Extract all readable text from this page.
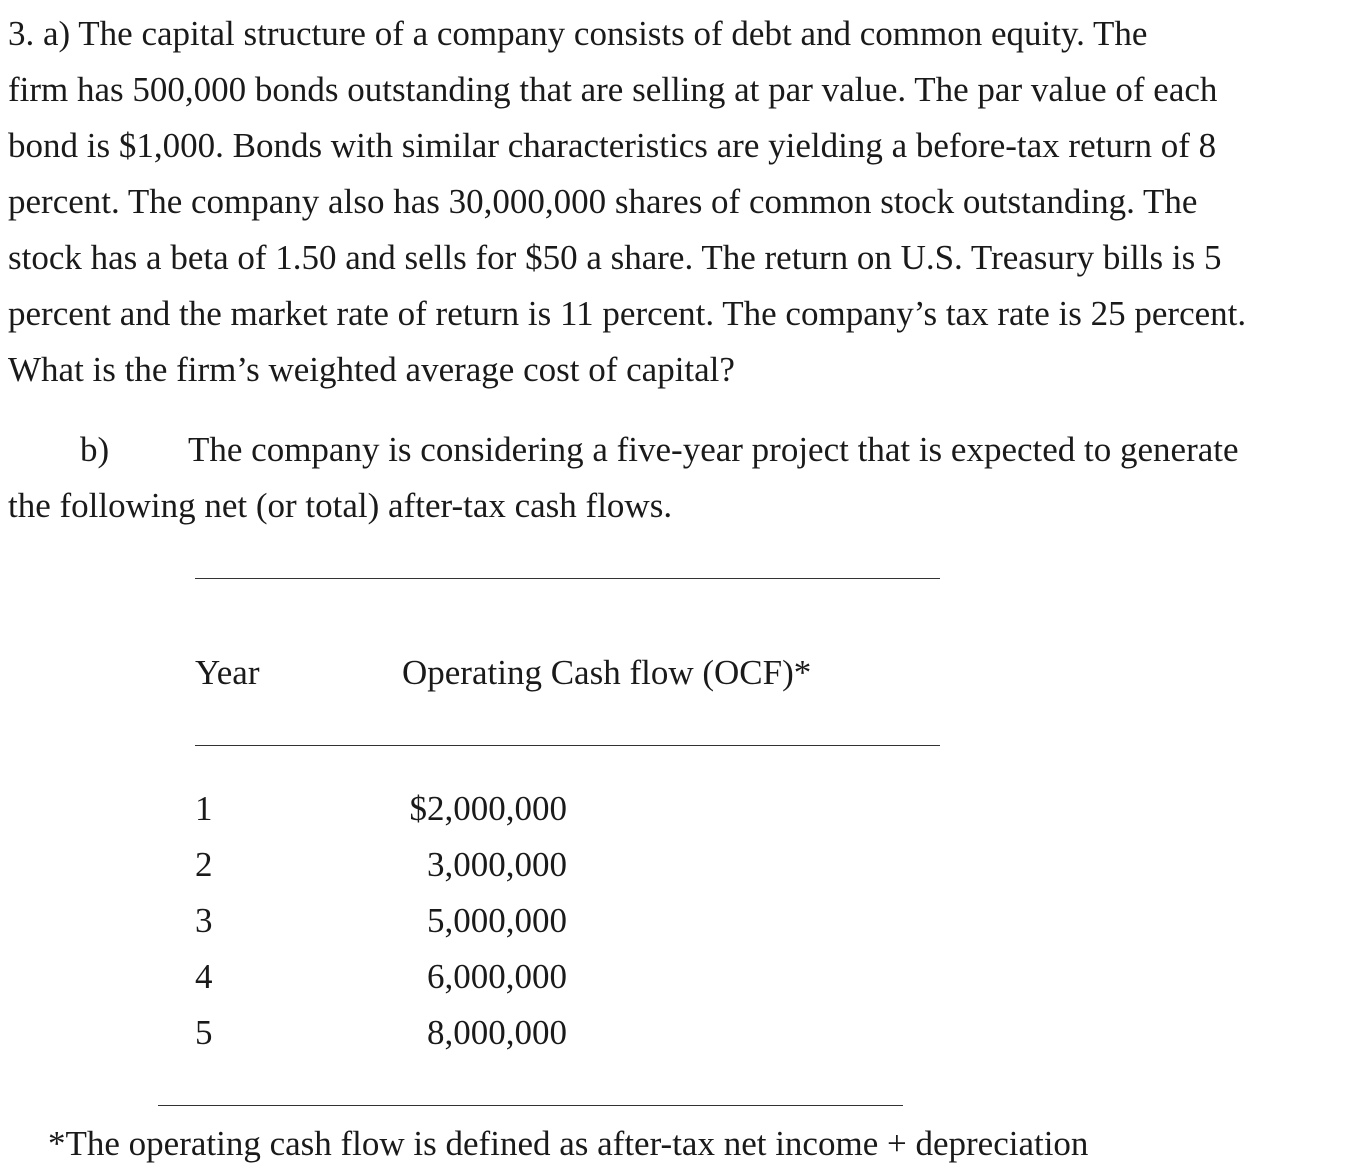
3. a) The capital structure of a company consists of debt and common equity. The
firm has 500,000 bonds outstanding that are selling at par value. The par value of each
bond is $1,000. Bonds with similar characteristics are yielding a before-tax return of 8
percent. The company also has 30,000,000 shares of common stock outstanding. The
stock has a beta of 1.50 and sells for $50 a share. The return on U.S. Treasury bills is 5
percent and the market rate of return is 11 percent. The company’s tax rate is 25 percent.
What is the firm’s weighted average cost of capital?
b) The company is considering a five-year project that is expected to generate
the following net (or total) after-tax cash flows.
Year	Operating Cash flow (OCF)*
1	$2,000,000
2	3,000,000
3	5,000,000
4	6,000,000
5	8,000,000
*The operating cash flow is defined as after-tax net income + depreciation
